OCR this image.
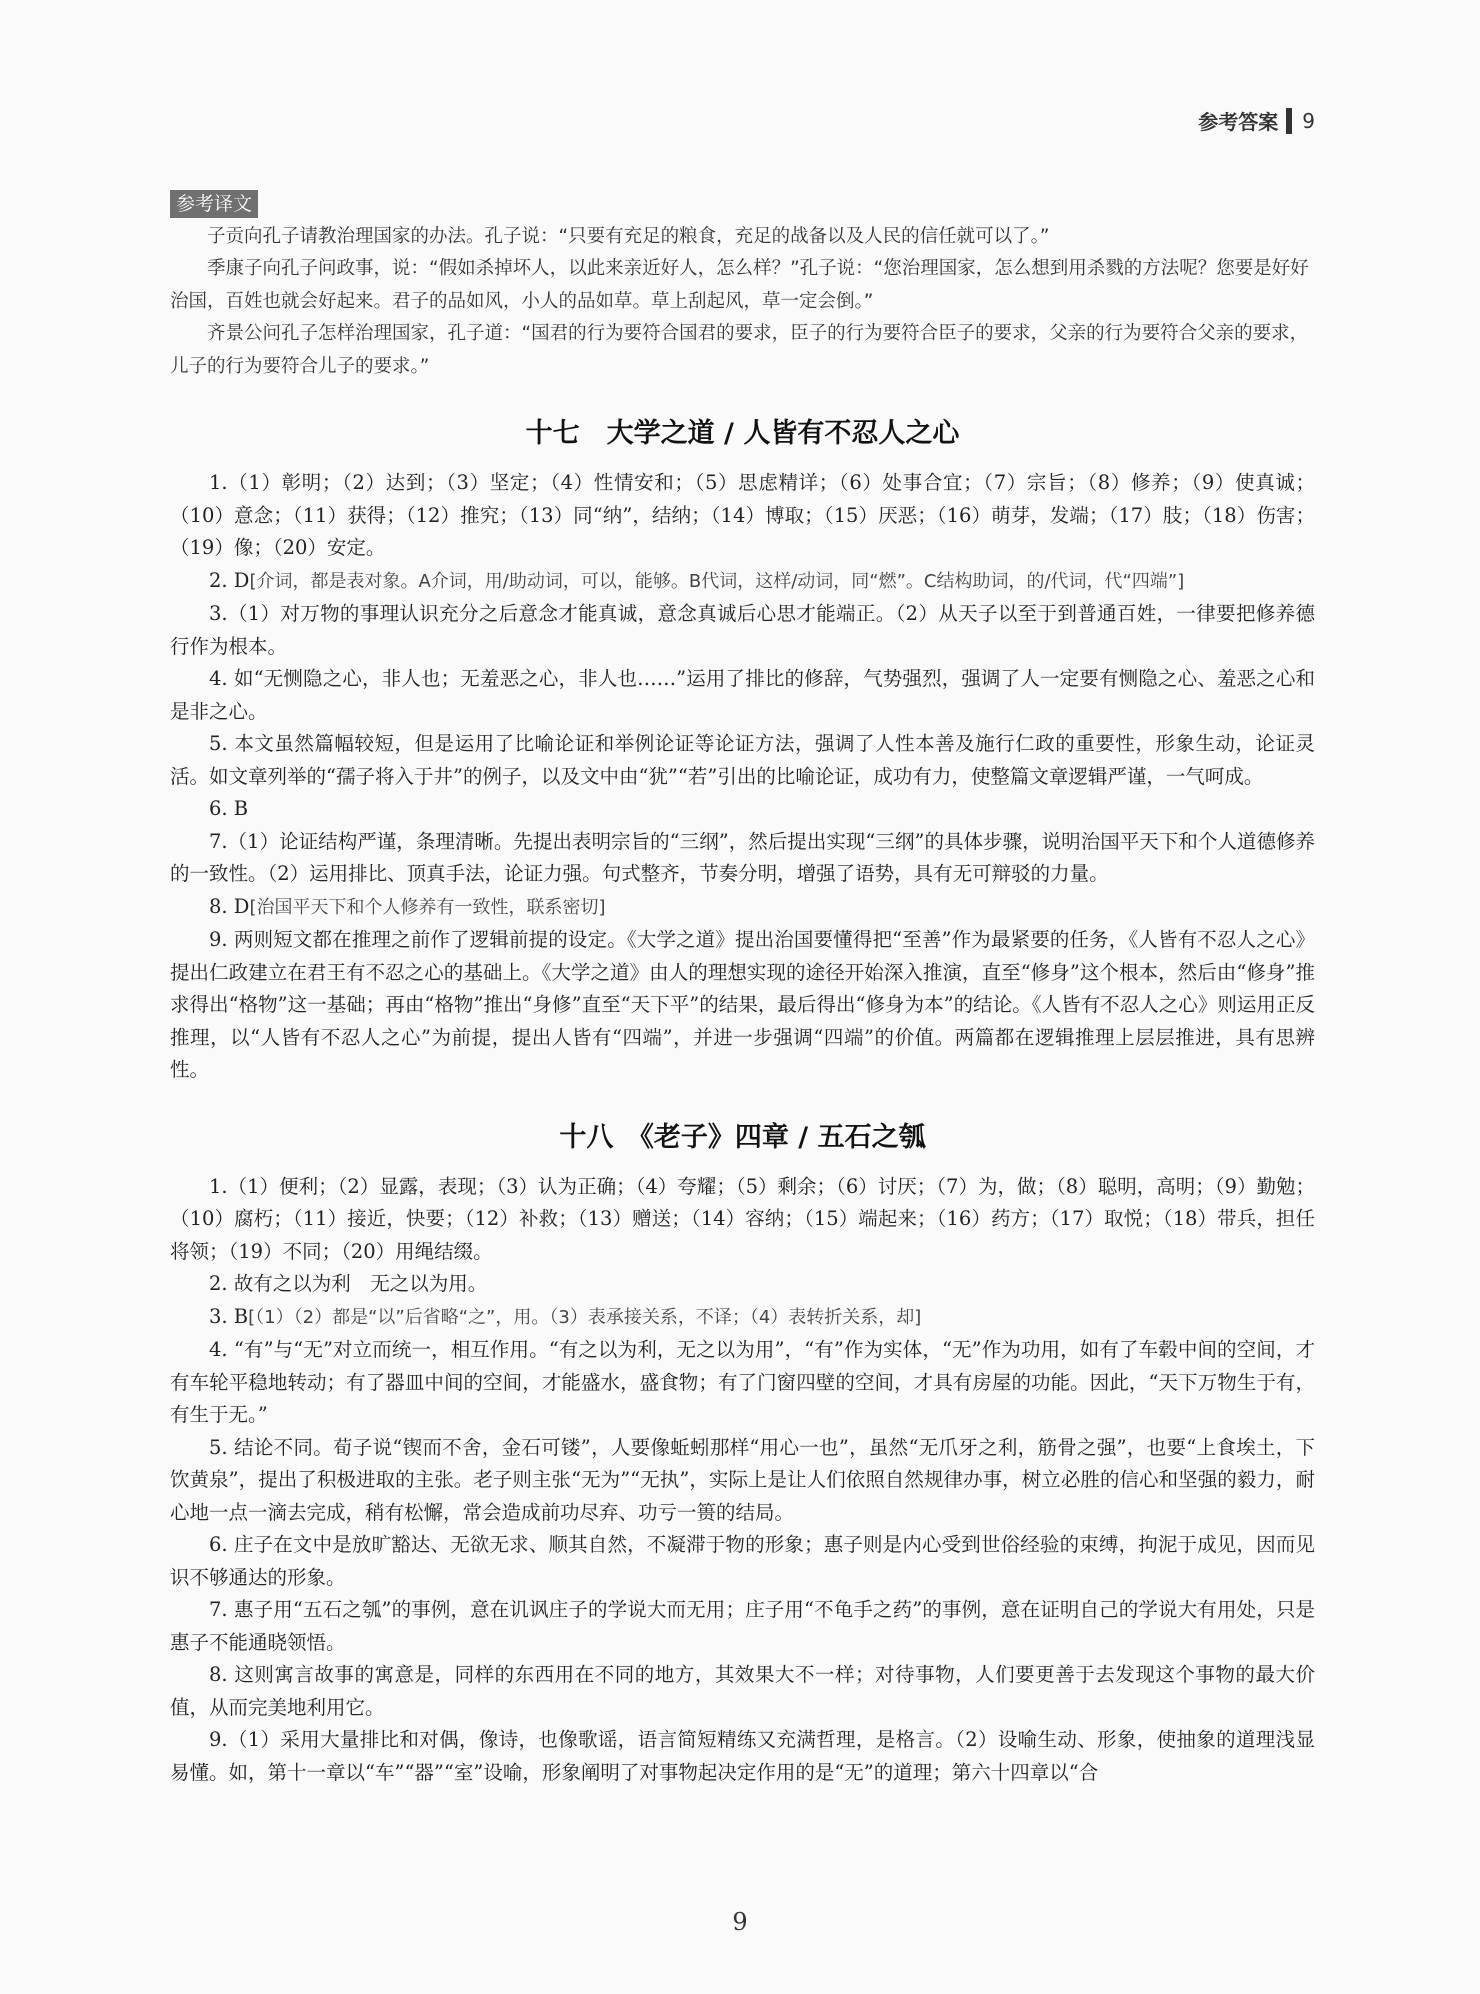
参考答案 9
参考译文

子贡向孔子请教治理国家的办法。孔子说：“只要有充足的粮食，充足的战备以及人民的信任就可以了。”

季康子向孔子问政事，说：“假如杀掉坏人，以此来亲近好人，怎么样？”孔子说：“您治理国家，怎么想到用杀戮的方法呢？您要是好好治国，百姓也就会好起来。君子的品如风，小人的品如草。草上刮起风，草一定会倒。”

齐景公问孔子怎样治理国家，孔子道：“国君的行为要符合国君的要求，臣子的行为要符合臣子的要求，父亲的行为要符合父亲的要求，儿子的行为要符合儿子的要求。”

十七　大学之道 / 人皆有不忍人之心

1.（1）彰明；（2）达到；（3）坚定；（4）性情安和；（5）思虑精详；（6）处事合宜；（7）宗旨；（8）修养；（9）使真诚；（10）意念；（11）获得；（12）推究；（13）同“纳”，结纳；（14）博取；（15）厌恶；（16）萌芽，发端；（17）肢；（18）伤害；（19）像；（20）安定。

2. D[介词，都是表对象。A介词，用/助动词，可以，能够。B代词，这样/动词，同“燃”。C结构助词，的/代词，代“四端”]

3.（1）对万物的事理认识充分之后意念才能真诚，意念真诚后心思才能端正。（2）从天子以至于到普通百姓，一律要把修养德行作为根本。

4. 如“无恻隐之心，非人也；无羞恶之心，非人也……”运用了排比的修辞，气势强烈，强调了人一定要有恻隐之心、羞恶之心和是非之心。

5. 本文虽然篇幅较短，但是运用了比喻论证和举例论证等论证方法，强调了人性本善及施行仁政的重要性，形象生动，论证灵活。如文章列举的“孺子将入于井”的例子，以及文中由“犹”“若”引出的比喻论证，成功有力，使整篇文章逻辑严谨，一气呵成。

6. B

7.（1）论证结构严谨，条理清晰。先提出表明宗旨的“三纲”，然后提出实现“三纲”的具体步骤，说明治国平天下和个人道德修养的一致性。（2）运用排比、顶真手法，论证力强。句式整齐，节奏分明，增强了语势，具有无可辩驳的力量。

8. D[治国平天下和个人修养有一致性，联系密切]

9. 两则短文都在推理之前作了逻辑前提的设定。《大学之道》提出治国要懂得把“至善”作为最紧要的任务，《人皆有不忍人之心》提出仁政建立在君王有不忍之心的基础上。《大学之道》由人的理想实现的途径开始深入推演，直至“修身”这个根本，然后由“修身”推求得出“格物”这一基础；再由“格物”推出“身修”直至“天下平”的结果，最后得出“修身为本”的结论。《人皆有不忍人之心》则运用正反推理，以“人皆有不忍人之心”为前提，提出人皆有“四端”，并进一步强调“四端”的价值。两篇都在逻辑推理上层层推进，具有思辨性。

十八　《老子》四章 / 五石之瓠

1.（1）便利；（2）显露，表现；（3）认为正确；（4）夸耀；（5）剩余；（6）讨厌；（7）为，做；（8）聪明，高明；（9）勤勉；（10）腐朽；（11）接近，快要；（12）补救；（13）赠送；（14）容纳；（15）端起来；（16）药方；（17）取悦；（18）带兵，担任将领；（19）不同；（20）用绳结缀。

2. 故有之以为利　无之以为用。

3. B[（1）（2）都是“以”后省略“之”，用。（3）表承接关系，不译；（4）表转折关系，却]

4. “有”与“无”对立而统一，相互作用。“有之以为利，无之以为用”，“有”作为实体，“无”作为功用，如有了车毂中间的空间，才有车轮平稳地转动；有了器皿中间的空间，才能盛水，盛食物；有了门窗四壁的空间，才具有房屋的功能。因此，“天下万物生于有，有生于无。”

5. 结论不同。荀子说“锲而不舍，金石可镂”，人要像蚯蚓那样“用心一也”，虽然“无爪牙之利，筋骨之强”，也要“上食埃土，下饮黄泉”，提出了积极进取的主张。老子则主张“无为”“无执”，实际上是让人们依照自然规律办事，树立必胜的信心和坚强的毅力，耐心地一点一滴去完成，稍有松懈，常会造成前功尽弃、功亏一篑的结局。

6. 庄子在文中是放旷豁达、无欲无求、顺其自然，不凝滞于物的形象；惠子则是内心受到世俗经验的束缚，拘泥于成见，因而见识不够通达的形象。

7. 惠子用“五石之瓠”的事例，意在讥讽庄子的学说大而无用；庄子用“不龟手之药”的事例，意在证明自己的学说大有用处，只是惠子不能通晓领悟。

8. 这则寓言故事的寓意是，同样的东西用在不同的地方，其效果大不一样；对待事物，人们要更善于去发现这个事物的最大价值，从而完美地利用它。

9.（1）采用大量排比和对偶，像诗，也像歌谣，语言简短精练又充满哲理，是格言。（2）设喻生动、形象，使抽象的道理浅显易懂。如，第十一章以“车”“器”“室”设喻，形象阐明了对事物起决定作用的是“无”的道理；第六十四章以“合

9
